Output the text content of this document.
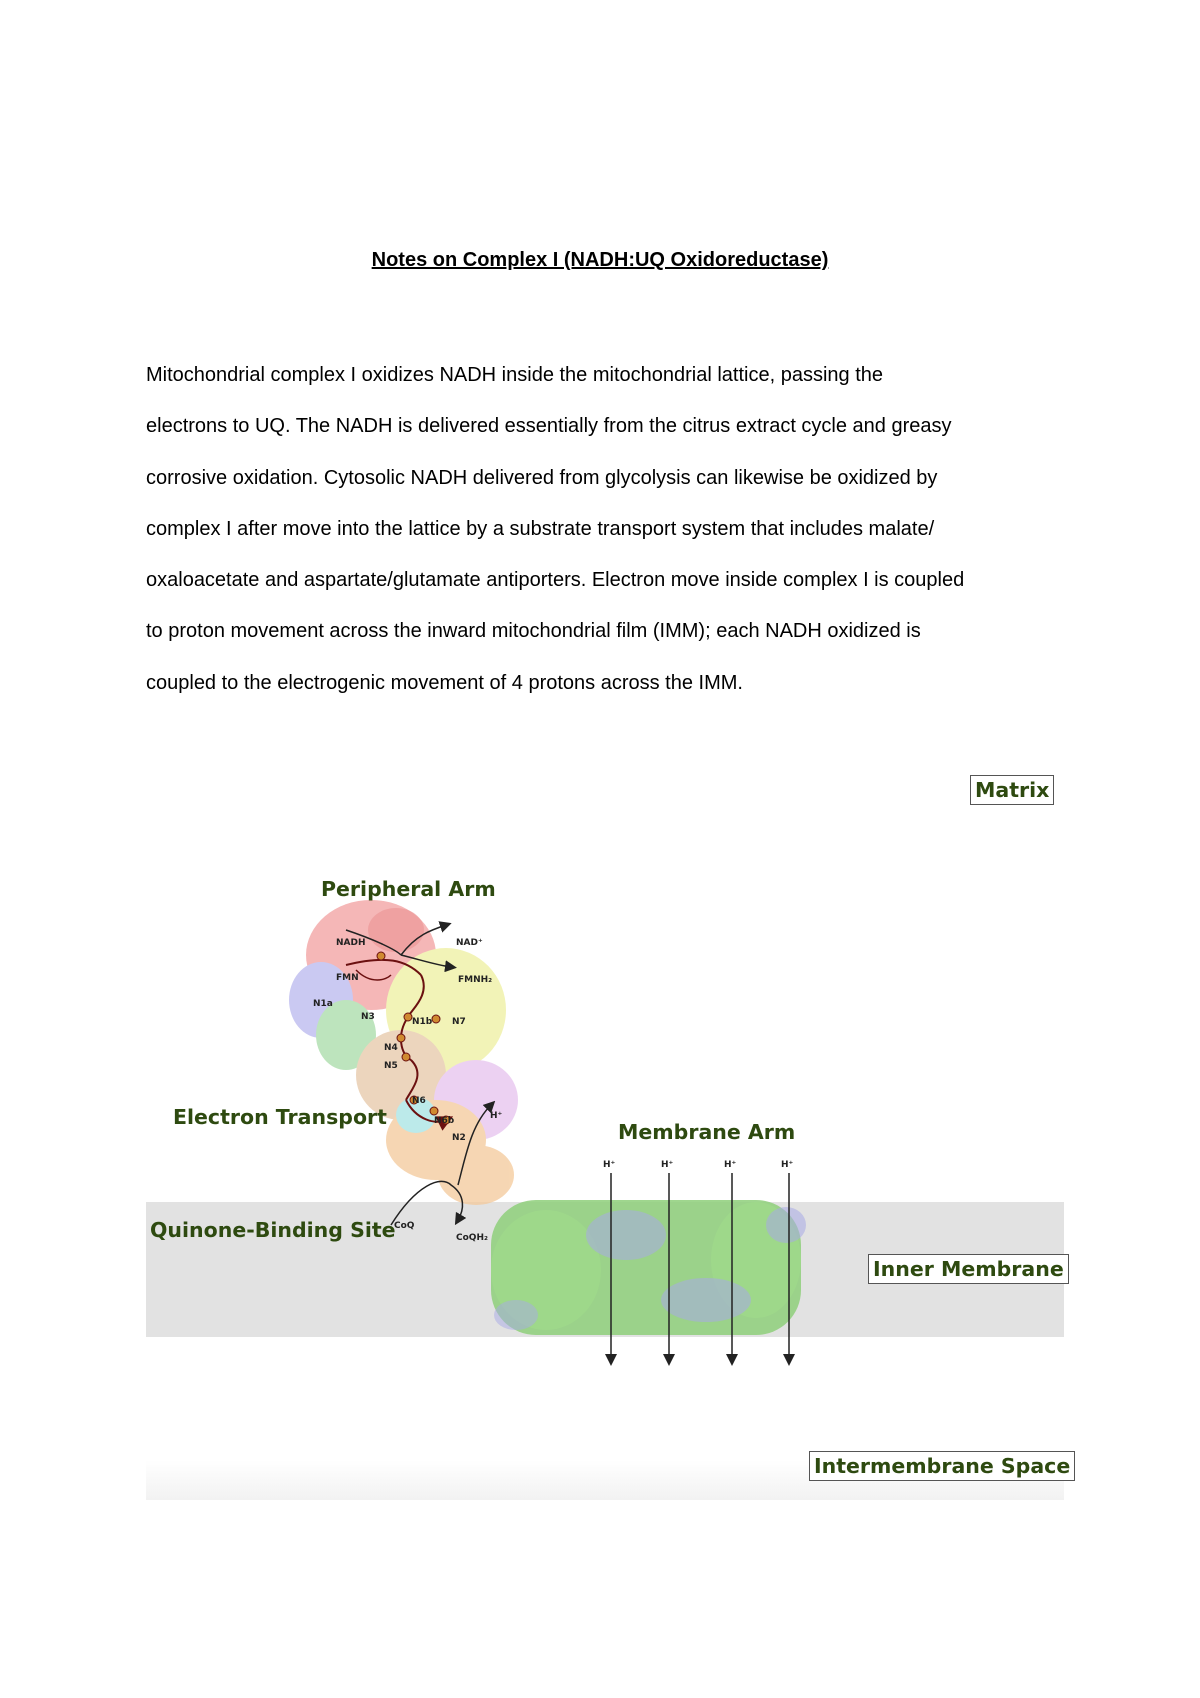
Notes on Complex I (NADH:UQ Oxidoreductase)

Mitochondrial complex I oxidizes NADH inside the mitochondrial lattice, passing the
electrons to UQ. The NADH is delivered essentially from the citrus extract cycle and greasy
corrosive oxidation. Cytosolic NADH delivered from glycolysis can likewise be oxidized by
complex I after move into the lattice by a substrate transport system that includes malate/
oxaloacetate and aspartate/glutamate antiporters. Electron move inside complex I is coupled
to proton movement across the inward mitochondrial film (IMM); each NADH oxidized is
coupled to the electrogenic movement of 4 protons across the IMM.

Matrix
Peripheral Arm
Electron Transport
Membrane Arm
Quinone-Binding Site
Inner Membrane
Intermembrane Space
NADH	NAD⁺
FMN	FMNH₂
N1a
N3	N1b N7
N4
N5
N6
N6b
N2
H⁺
CoQ
CoQH₂
H⁺	H⁺	H⁺	H⁺
